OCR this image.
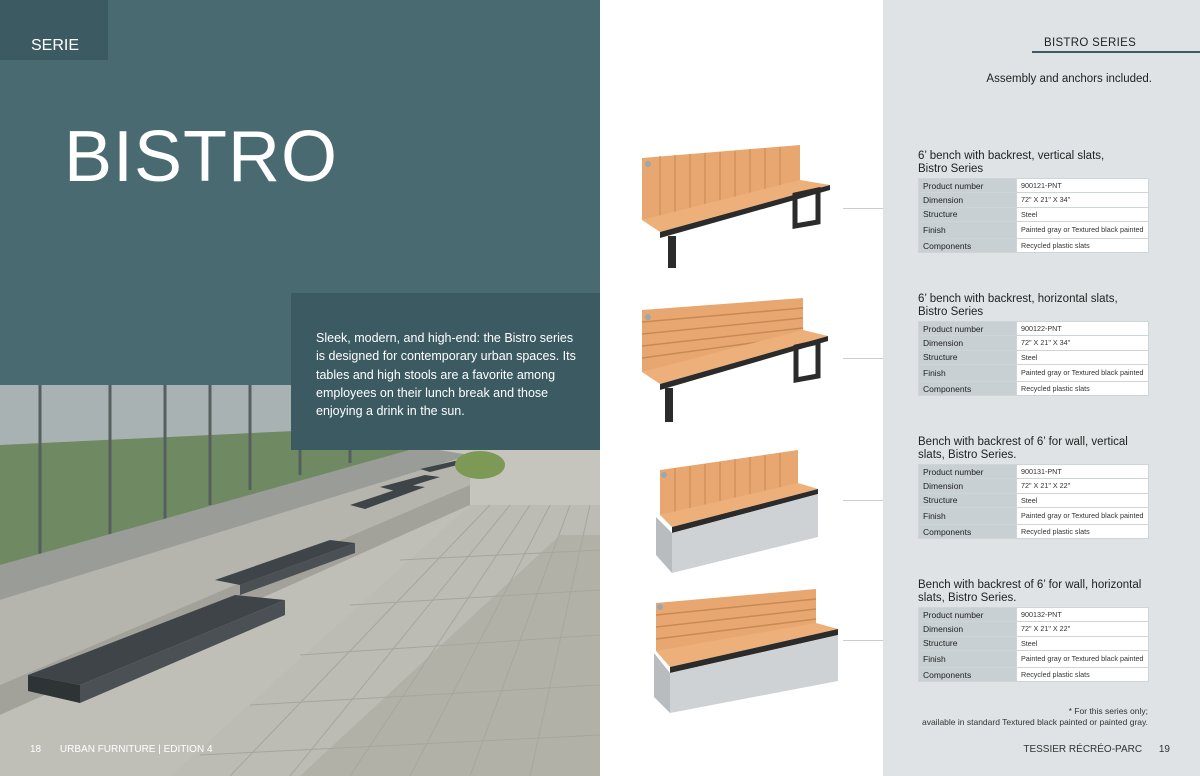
SERIE
BISTRO

Sleek, modern, and high-end: the Bistro series is designed for contemporary urban spaces. Its tables and high stools are a favorite among employees on their lunch break and those enjoying a drink in the sun.

18 URBAN FURNITURE | EDITION 4
BISTRO SERIES
Assembly and anchors included.
6’ bench with backrest, vertical slats,
Bistro Series
Product number	900121-PNT
Dimension	72" X 21" X 34"
Structure	Steel
Finish	Painted gray or Textured black painted
Components	Recycled plastic slats
6’ bench with backrest, horizontal slats,
Bistro Series
Product number	900122-PNT
Dimension	72" X 21" X 34"
Structure	Steel
Finish	Painted gray or Textured black painted
Components	Recycled plastic slats
Bench with backrest of 6’ for wall, vertical
slats, Bistro Series.
Product number	900131-PNT
Dimension	72" X 21" X 22"
Structure	Steel
Finish	Painted gray or Textured black painted
Components	Recycled plastic slats
Bench with backrest of 6’ for wall, horizontal
slats, Bistro Series.
Product number	900132-PNT
Dimension	72" X 21" X 22"
Structure	Steel
Finish	Painted gray or Textured black painted
Components	Recycled plastic slats
* For this series only;
available in standard Textured black painted or painted gray.
TESSIER RÉCRÉO-PARC 19
